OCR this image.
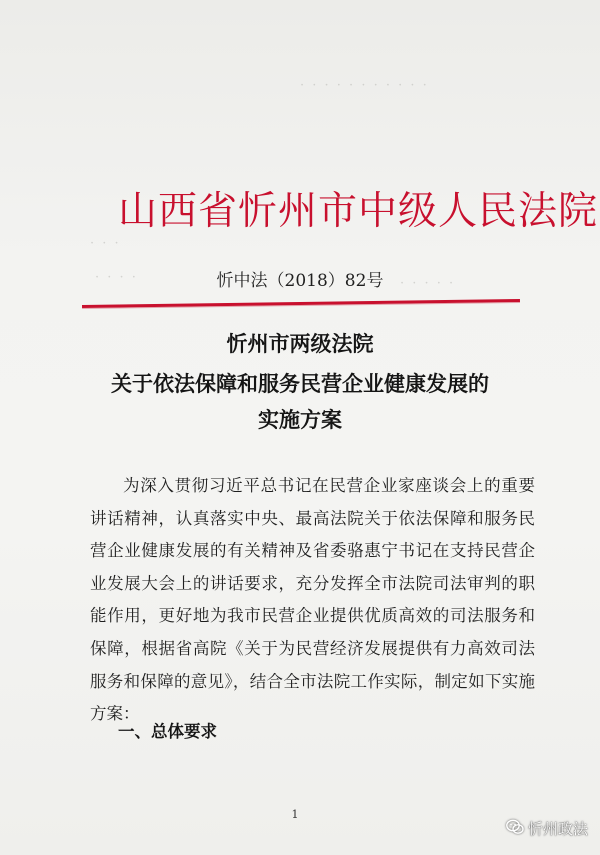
· · · · · · · · · · ·
· · ·
· · · ·	· · · · ·
山西省忻州市中级人民法院
忻中法（2018）82号
忻州市两级法院
关于依法保障和服务民营企业健康发展的
实施方案
为深入贯彻习近平总书记在民营企业家座谈会上的重要讲话精神，认真落实中央、最高法院关于依法保障和服务民营企业健康发展的有关精神及省委骆惠宁书记在支持民营企业发展大会上的讲话要求，充分发挥全市法院司法审判的职能作用，更好地为我市民营企业提供优质高效的司法服务和保障，根据省高院《关于为民营经济发展提供有力高效司法服务和保障的意见》，结合全市法院工作实际，制定如下实施方案：
一、总体要求
1
忻州政法
